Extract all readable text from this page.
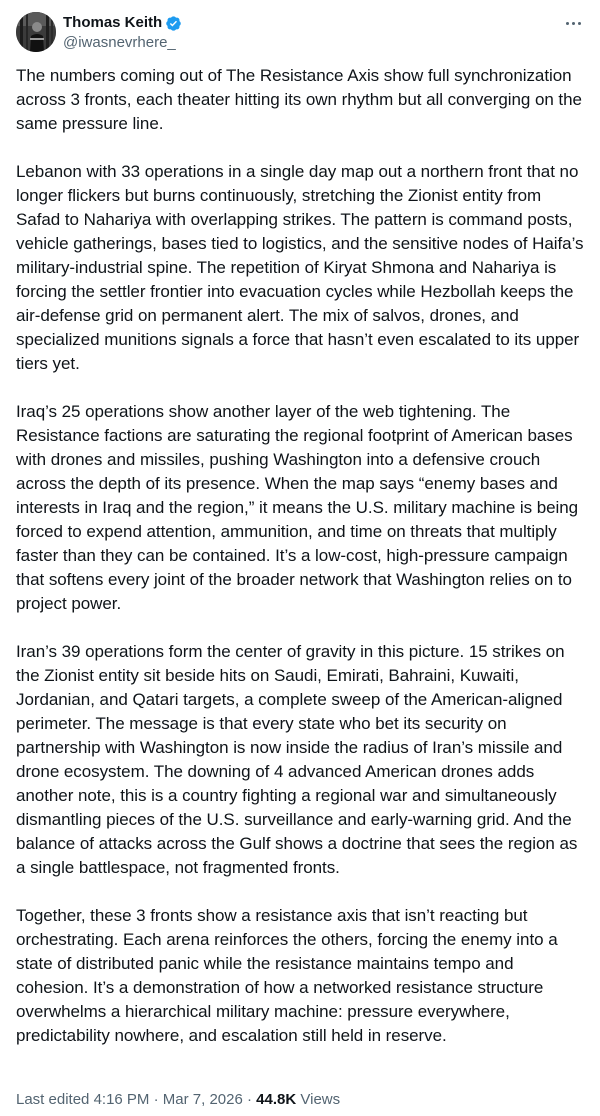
Thomas Keith
@iwasnevrhere_

The numbers coming out of The Resistance Axis show full synchronization across 3 fronts, each theater hitting its own rhythm but all converging on the same pressure line.

Lebanon with 33 operations in a single day map out a northern front that no longer flickers but burns continuously, stretching the Zionist entity from Safad to Nahariya with overlapping strikes. The pattern is command posts, vehicle gatherings, bases tied to logistics, and the sensitive nodes of Haifa’s military-industrial spine. The repetition of Kiryat Shmona and Nahariya is forcing the settler frontier into evacuation cycles while Hezbollah keeps the air-defense grid on permanent alert. The mix of salvos, drones, and specialized munitions signals a force that hasn’t even escalated to its upper tiers yet.

Iraq’s 25 operations show another layer of the web tightening. The Resistance factions are saturating the regional footprint of American bases with drones and missiles, pushing Washington into a defensive crouch across the depth of its presence. When the map says “enemy bases and interests in Iraq and the region,” it means the U.S. military machine is being forced to expend attention, ammunition, and time on threats that multiply faster than they can be contained. It’s a low-cost, high-pressure campaign that softens every joint of the broader network that Washington relies on to project power.

Iran’s 39 operations form the center of gravity in this picture. 15 strikes on the Zionist entity sit beside hits on Saudi, Emirati, Bahraini, Kuwaiti, Jordanian, and Qatari targets, a complete sweep of the American-aligned perimeter. The message is that every state who bet its security on partnership with Washington is now inside the radius of Iran’s missile and drone ecosystem. The downing of 4 advanced American drones adds another note, this is a country fighting a regional war and simultaneously dismantling pieces of the U.S. surveillance and early-warning grid. And the balance of attacks across the Gulf shows a doctrine that sees the region as a single battlespace, not fragmented fronts.

Together, these 3 fronts show a resistance axis that isn’t reacting but orchestrating. Each arena reinforces the others, forcing the enemy into a state of distributed panic while the resistance maintains tempo and cohesion. It’s a demonstration of how a networked resistance structure overwhelms a hierarchical military machine: pressure everywhere, predictability nowhere, and escalation still held in reserve.

Last edited 4:16 PM · Mar 7, 2026 · 44.8K Views
